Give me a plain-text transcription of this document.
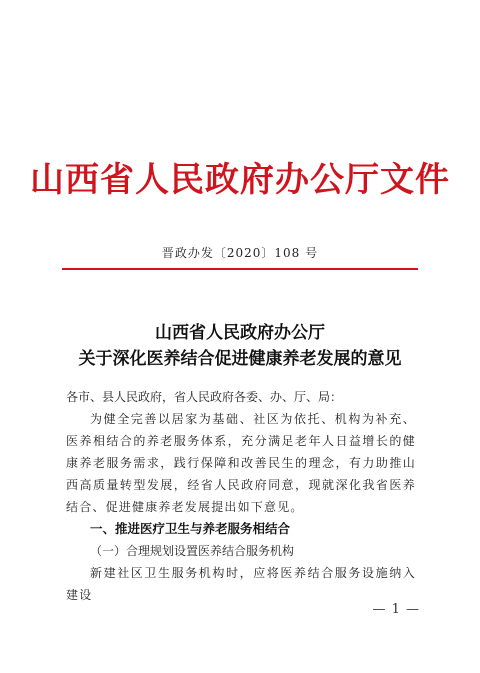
山西省人民政府办公厅文件
晋政办发〔2020〕108 号
山西省人民政府办公厅
关于深化医养结合促进健康养老发展的意见

各市、县人民政府，省人民政府各委、办、厅、局：

为健全完善以居家为基础、社区为依托、机构为补充、医养相结合的养老服务体系，充分满足老年人日益增长的健康养老服务需求，践行保障和改善民生的理念，有力助推山西高质量转型发展，经省人民政府同意，现就深化我省医养结合、促进健康养老发展提出如下意见。

一、推进医疗卫生与养老服务相结合

（一）合理规划设置医养结合服务机构

新建社区卫生服务机构时，应将医养结合服务设施纳入建设

— 1 —
